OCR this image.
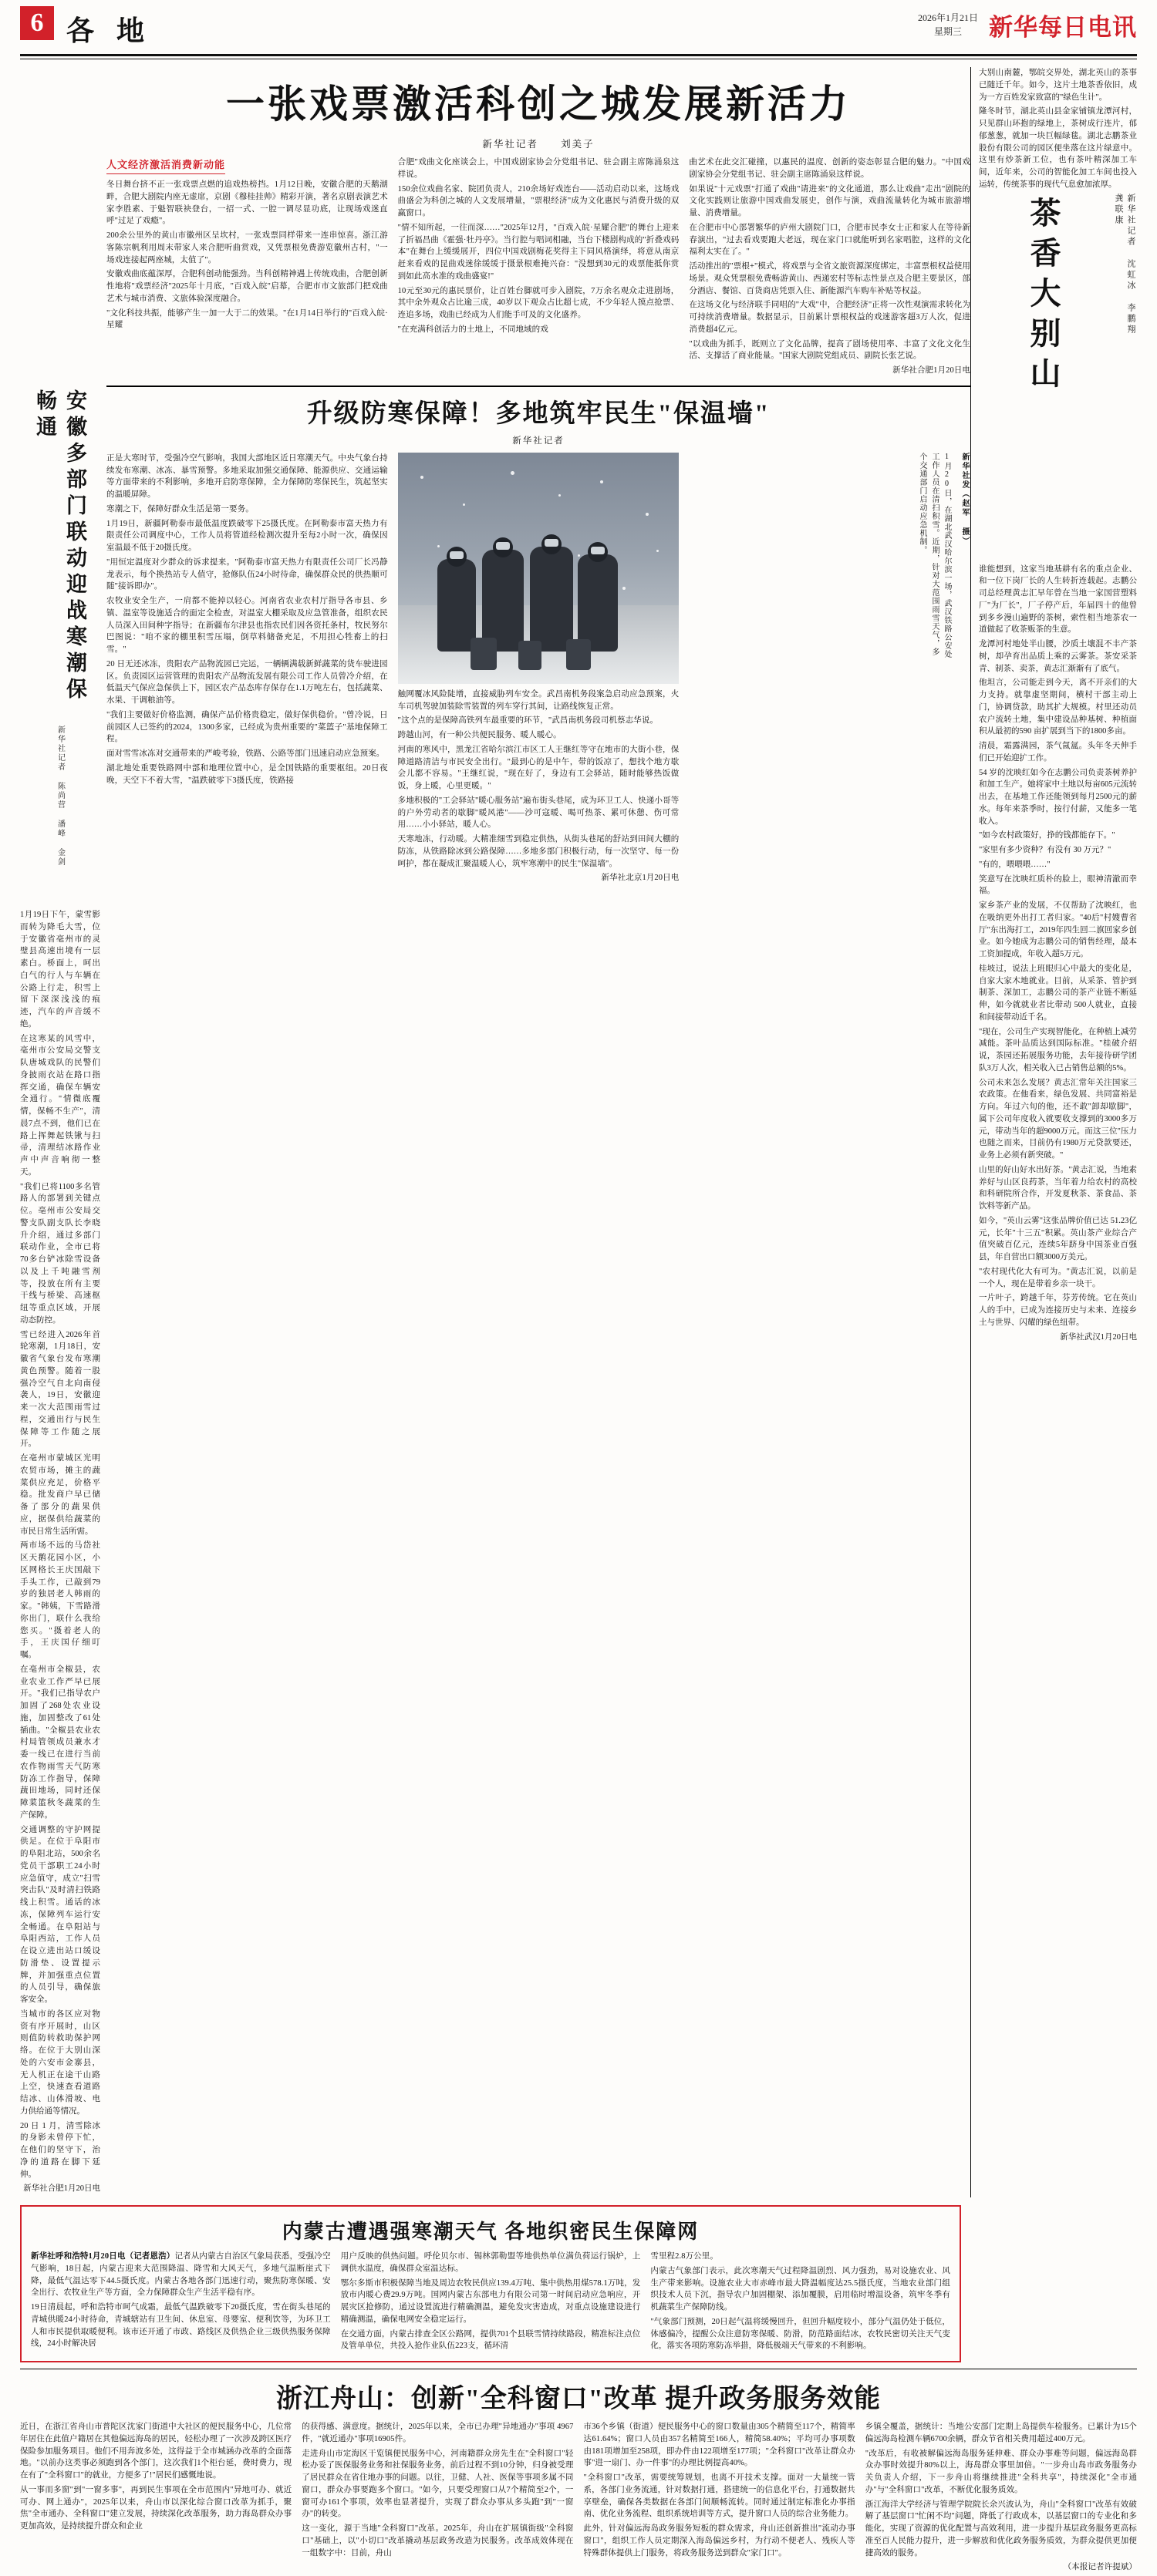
6 各 地	2026年1月21日
星期三	新华每日电讯
安徽多部门联动迎战寒潮保畅通
新华社记者 陈尚营 潘峰 金剑

1月19日下午，蒙雪影而转为降毛大雪，位于安徽省亳州市的灵璧县高速出境有一层素白。桥面上，呵出白气的行人与车辆在公路上行走，积雪上留下深深浅浅的痕迹，汽车的声音缓不绝。

在这寒某的风雪中，亳州市公安局交警支队唐城戏队的民警们身披雨衣站在路口指挥交通，确保车辆安全通行。"情微底覆情，保畅不生产"，清晨7点不到，他们已在路上挥舞起铁锹与扫帚，清理结冰路作业声中声音响彻一整天。

"我们已将1100多名管路人的部署到关键点位。亳州市公安局交警支队副支队长李晓升介绍，通过多部门联动作业，全市已将70多台铲冰除雪设备以及上千吨融雪剂等，投放在所有主要干线与桥梁、高速枢纽等重点区域，开展动态防控。

雪已经进入2026年首轮寒潮，1月18日，安徽省气象台发布寒潮黄色预警。随着一股强冷空气自北向南侵袭人，19日，安徽迎来一次大范围雨雪过程，交通出行与民生保障等工作随之展开。

在亳州市蒙城区光明农贸市场，摊主的蔬菜供应充足，价格平稳。批发商户早已储备了部分的蔬果供应，据保供给蔬菜的市民日常生活所需。

两市场不远的马岱社区天鹅花园小区，小区网格长王庆国敲下手头工作，已敲到79岁的独居老人韩雨的家。"韩姨，下雪路滑你出门，联什么我给您买。"摄着老人的手，王庆国仔细叮嘱。

在亳州市全椒县，农业农业工作严早已展开。"我们已指导农户加固了268处农业设施，加固整改了61处插曲。"全椒县农业农村局管领成员兼水才委一线已在进行当前农作物雨雪天气防寒防冻工作指导，保障蔬田地场，同时还保障菜篮秋冬蔬菜的生产保障。

交通调整的守护网提供足。在位于阜阳市的阜阳北站，500余名党员干部职工24小时应急值守，成立"扫雪突击队"及时清扫铁路线上积雪。通话的冰冻，保障列车运行安全畅通。在阜阳站与阜阳西站，工作人员在设立进出站口缓设防滑垫、设置提示牌，并加强重点位置的人员引导，确保旅客安全。

当城市的各区应对物资有序开展时，山区则值防转救助保护网络。在位于大别山深处的六安市金寨县，无人机正在途干山路上空，快速查看道路结冰、山体滑坡、电力供给通等情况。

20 日 1 月，清雪除冰的身影未曾停下忙，在他们的坚守下，治净的道路在脚下延伸。

新华社合肥1月20日电

一张戏票激活科创之城发展新活力
新华社记者 刘美子
人文经济激活消费新动能

冬日舞台挤不正一张戏票点燃的追戏热榜挡。1月12日晚，安徽合肥的天鹅湖畔，合肥大剧院内座无虚席，京剧《穆桂挂帅》精彩开演，著名京剧表演艺术家李胜素、于魁智联袂登台，一招一式、一腔一调尽显功底，让现场戏迷直呼"过足了戏瘾"。

200余公里外的黄山市徽州区呈坎村，一张戏票同样带来一连串惊喜。浙江游客陈宗帆利用周末带家人来合肥听曲赏戏，又凭票根免费游览徽州古村，"一场戏连接起两座城，太值了"。

安徽戏曲底蕴深厚，合肥科创动能强劲。当科创精神遇上传统戏曲，合肥创新性地将"戏票经济"2025年十月底，"百戏入皖"启幕，合肥市市文旅部门把戏曲艺术与城市消费、文旅体验深度融合。

"文化科技共振，能够产生一加一大于二的效果。"在1月14日举行的"百戏入皖·星耀

合肥"戏曲文化座谈会上，中国戏剧家协会分党组书记、驻会副主席陈涌泉这样说。

150余位戏曲名家、院团负责人，210余场好戏连台——活动启动以来，这场戏曲盛会为科创之城的人文发展增量，"票根经济"成为文化惠民与消费升级的双赢窗口。

"情不知所起，一往而深……"2025年12月，"百戏入皖·星耀合肥"的舞台上迎来了折福昌曲《霍强·牡丹亭》。当行腔与唱词相融，当台下楼剧构成的"折叠戏码本"在舞台上缓缓展开，四位中国戏剧梅花奖得主下同风格演绎，将意从南京赶来看戏的昆曲戏迷徐缓缓于摄景根难掩兴奋："没想到30元的戏票能抵你赏到如此高水准的戏曲盛宴!"

10元至30元的惠民票价，让百姓台脚就可步入剧院，7万余名观众走进剧场，其中余外观众占比逾三成，40岁以下观众占比超七成，不少年轻人摸点抢票、连追多场，戏曲已经成为人们能手可及的文化盛养。

"在充满科创活力的土地上，不同地域的戏

曲艺术在此交汇碰撞，以惠民的温度、创新的姿态彰显合肥的魅力。"中国戏剧家协会分党组书记、驻会副主席陈涌泉这样说。

如果说"十元戏票"打通了戏曲"请进来"的文化通道，那么让戏曲"走出"剧院的文化实践则让旅游中国戏曲发展史，创作与演，戏曲流量转化为城市旅游增量、消费增量。

在合肥市中心部署繁华的庐州大剧院门口，合肥市民李女士正和家人在等待新春演出，"过去看戏要跑大老远，现在家门口就能听到名家唱腔，这样的文化福利太实在了。"

活动推出的"票根+"模式，将戏票与全省文旅资源深度绑定，丰富票根权益使用场景。观众凭票根免费畅游黄山、西递宏村等标志性景点及合肥主要景区，部分酒店、餐馆、百货商店凭票入住、新能源汽车购车补贴等权益。

在这场文化与经济联手同唱的"大戏"中，合肥经济"正将一次性观演需求转化为可持续消费增量。数据显示，目前累计票根权益的戏迷游客超3万人次，促进消费超4亿元。

"以戏曲为抓手，既则立了文化品牌，提高了剧场使用率、丰富了文化文化生活、支撑活了商业能量。"国家大剧院党组成员、副院长张艺说。

新华社合肥1月20日电

升级防寒保障！多地筑牢民生"保温墙"
新华社记者

正是大寒时节，受强冷空气影响，我国大部地区近日寒潮天气。中央气象台持续发布寒潮、冰冻、暴雪预警。多地采取加强交通保障、能源供应、交通运输等方面带来的不利影响，多地开启防寒保障，全力保障防寒保民生，筑起坚实的温暖屏障。

寒潮之下，保障好群众生活是第一要务。

1月19日，新疆阿勒泰市最低温度跌破零下25摄氏度。在阿勒泰市富天热力有限责任公司调度中心，工作人员将管道经检测次提升至每2小时一次，确保因室温最不低于20摄氏度。

"用恒定温度对少群众的诉求提来。"阿勒泰市富天热力有限责任公司厂长冯静龙表示，每个换热站专人值守，抢修队伍24小时待命，确保群众民的供热顺可随"接诉即办"。

农牧业安全生产，一肩都不能掉以轻心。河南省农业农村厅指导各市县、乡镇、温室等设施适合的面定全检查，对温室大棚采取及应急管准备，组织农民人员深入田间种字指导；在新疆布尔津县也指农民们因各资托条村，牧民努尔巴图说："咱不家的棚里积雪压塌，倒草料储备充足，不用担心牲畜上的扫雪。"

20 日无还冰冻，贵阳农产品物流园已完运，一辆辆满载新鲜蔬菜的货车驶进园区。负责园区运营管理的贵阳农产品物流发展有限公司工作人员曾冷介绍，在低温天气保应急保供上下，园区农产品态库存保存在1.1万吨左右，包括蔬菜、水果、干调粮油等。

"我们主要做好价格监测，确保产品价格贵稳定，做好保供稳价。"曾冷说，日前园区人已签约的2024，1300多家，已经成为贵州重要的"菜篮子"基地保障工程。

面对雪雪冰冻对交通带来的严峻考验，铁路、公路等部门迅速启动应急预案。

湖北地处重要铁路网中部和地理位置中心，是全国铁路的重要枢纽。20日夜晚，天空下不着大雪，"温跌破零下3摄氏度，铁路接

触网覆冰风险陡增，直接威胁列车安全。武昌南机务段案急启动应急预案，火车司机驾驶加装除雪装置的列车穿行其间，让路线恢复正常。

"这个点的是保障高铁列车最重要的环节，"武昌南机务段司机蔡志华说。

跨越山河，有一种公共便民服务、暖人暖心。

河南的寒风中，黑龙江省哈尔滨江市区工人王继红等守在地市的大街小巷，保障道路清洁与市民安全出行。"最到心的是中午，带的饭凉了，想找个地方歇会儿都不容易。"王继红说，"现在好了，身边有工会驿站，随时能够热饭做饭，身上暖，心里更暖。"

多地积极的"工会驿站"暖心服务站"遍布街头巷尾，成为环卫工人、快递小哥等的户外劳动者的歇脚"暖风港"——沙可寇暖、喝可热茶、累可休憩、伤可常用……小小驿站，暖人心。

天寒地冻，行动暖。大精准细雪到稳定供热，从街头巷尾的舒站到田间大棚的防冻，从铁路除冰到公路保障……多地多部门积极行动，每一次坚守、每一份呵护，都在凝成汇聚温暖人心，筑牢寒潮中的民生"保温墙"。

新华社北京1月20日电

1月20日，在湖北武汉哈尔滨一场，武汉铁路公安处工作人员在清扫积雪。近期，针对大范围雨雪天气，多个交通部门启动应急机制。	新华社发（赵军 摄）

大别山南麓，鄂皖交界处，湖北英山的茶事已随迁千年。如今，这片土地茶香依旧，成为一方百姓发家致富的"绿色生计"。

隆冬时节，湖北英山县金家铺镇龙潭河村，只见群山环抱的绿地上，茶树成行连片，郁郁葱葱，就加一块巨幅绿毯。湖北志鹏茶业股份有限公司的园区便坐落在这片绿意中。这里有炒茶新工位，也有茶叶精深加工车间，近年来，公司的智能化加工车间也投入运转，传统茶事的现代气息愈加浓厚。

茶香大别山	新华社记者 沈虹冰 李鹏翔 龚联康

谁能想到，这家当地基耕有名的重点企业、和一位下岗厂长的人生转折连载起。志鹏公司总经理黄志汇早年曾在当地一家国营塑料厂"为厂长"，厂子停产后，年届四十的他曾到多乡漫山遍野的茶树，索性相当地茶农一道做起了收茶贩茶的生意。

龙潭河村地处半山腰，沙质土壤混不丰产茶树，却孕育出品质上乘的云雾茶。茶安采茶青、制茶、卖茶，黄志汇渐渐有了底气。

他坦言，公司能走到今天，离不开亲们的大力支持。就靠虚坚期间，横村干部主动上门，协调贷款，助其扩大规模。村里还动员农户流转土地，集中建设品种基树、种植面积从最初的590 亩扩展到当下的1800多亩。

清晨，霜露满园，茶气氤氲。头年冬天伸手们已开始迎扩工作。

54 岁的沈映红如今在志鹏公司负责茶树养护和加工生产。她将家中土地以每亩605元流转出去，在基地工作还能领到每月2500元的薪水。每年来茶季时，按行付薪，又能多一笔收入。

"如今农村政策好，挣的钱都能存下。"

"家里有多少资种？有没有 30 万元？"

"有的，喂喂喂……"

笑意写在沈映红质朴的脸上，眼神清澈而幸福。

家乡茶产业的发展，不仅帮助了沈映红，也在吸纳更外出打工者归家。"40后"村嫂曹省厅"东出海打工，2019年四生回二旗回家乡创业。如今她成为志鹏公司的销售经理，最本工资加提成，年收入超5万元。

桂坡过，说法上班眼归心中最大的变化是，自家大家木地就业。目前，从采茶、管护到制茶、深加工，志鹏公司的茶产业链不断延伸，如今就就业者比带动 500人就业，直接和间接带动近千名。

"现在，公司生产实现智能化，在种植上减劳减能。茶叶品质达到国际标准。"桂破介绍说，茶园还拓展服务功能，去年接待研学团队3万人次，相关收入已占销售总额的5%。

公司未来怎么发展？黄志汇常年关注国家三农政策。在他看来，绿色发展、共同富裕是方向。年过六旬的他，还不敢"卸却歇脚"，属下公司年度收入就要收支撑到的3000多万元，带动当年的超9000万元。而这三位"压力也随之而来，目前仍有1980万元贷款要还，业务上必须有新突破。"

山里的好山好水出好茶。"黄志汇说，当地素养好与山区良药茶，当年着力给农村的高校和科研院所合作，开发夏秋茶、茶食品、茶饮料等新产品。

如今，"英山云雾"这张品牌价值已达 51.23亿元，长年"十三五"积累。英山茶产业综合产值突破百亿元，连续5年跻身中国茶业百强县，年自营出口额3000万美元。

"农村现代化大有可为。"黄志汇说，以前是一个人，现在是带着乡亲一块干。

一片叶子，跨越千年，芬芳传统。它在英山人的手中，已成为连接历史与未来、连接乡土与世界、闪耀的绿色纽带。

新华社武汉1月20日电

内蒙古遭遇强寒潮天气 各地织密民生保障网

新华社呼和浩特1月20日电（记者恩浩）记者从内蒙古自治区气象局获悉，受强冷空气影响，18日起，内蒙古迎来大范围降温、降雪和大风天气，多地气温断崖式下降，最低气温达零下44.5摄氏度。内蒙古各地各部门迅速行动，聚焦防寒保暖、安全出行、农牧业生产等方面，全力保障群众生产生活平稳有序。

19日清晨起，呼和浩特市呵气成霜，最低气温跌破零下20摄氏度，雪在街头巷尾的青城供暖24小时待命，青城辖站有卫生间、休息室、母婴室、便利饮等，为环卫工人和市民提供取暖便利。该市还开通了市政、路线区及供热企业三级供热服务保障线，24小时解决居

用户反映的供热问题。呼伦贝尔市、锡林郭勒盟等地供热单位满负荷运行锅炉，上调供水温度，确保群众室温达标。

鄂尔多斯市积极保障当地及周边农牧民供应139.4万吨、集中供热用煤578.1万吨，发放市内暖心费29.9万吨。国网内蒙古东部电力有限公司第一时间启动应急响应，开展灾区抢修防，通过设置流进行精确测温，避免发灾害造成，对重点设施建设进行精确测温，确保电网安全稳定运行。

在交通方面，内蒙古排查全区公路网，提供701个县联雪情持续路段，精准标注点位及管单单位，共投入抢作业队伍223支，循环清

雪里程2.8万公里。

内蒙古气象部门表示，此次寒潮天气过程降温剧烈、风力强劲，易对设施农业、风生产带来影响。设施农业大市赤峰市最大降温幅度达25.5摄氏度，当地农业部门组织技术人员下沉，指导农户加固棚架、添加覆膜，启用临时增温设备，筑牢冬季有机蔬菜生产保障防线。

"气象部门预测，20日起气温将缓慢回升，但回升幅度较小，部分气温仍处于低位，体感偏冷，提醒公众注意防寒保暖、防滑，防范路面结冰，农牧民密切关注天气变化，落实各项防寒防冻举措，降低极端天气带来的不利影响。

浙江舟山：创新"全科窗口"改革 提升政务服务效能

近日，在浙江省舟山市普陀区沈家门街道中大社区的便民服务中心，几位常年居住在此值户籍居在其他偏远海岛的居民，轻松办理了一次涉及跨区医疗保险参加服务项目。他们不用奔波多处，这得益于全市城涵办改革的全面落地。"以前办这类事必须跑到各个部门，这次我们1个柜台延，费时费力，现在有了"全科窗口"的就业，方便多了!"居民们感慨地说。

从一事而多窗"到"一窗多事"，再到民生事项在全市范围内"异地可办、就近可办、网上通办"，2025年以来，舟山市以深化综合窗口改革为抓手，聚焦"全市通办、全科窗口"建立发展，持续深化改革服务，助力海岛群众办事更加高效，是持续提升群众和企业

的获得感、满意度。据统计，2025年以来，全市已办理"异地通办"事项 4967 件，"就近通办"事项16905件。

走进舟山市定海区干览镇便民服务中心，河南籍群众房先生在"全科窗口"轻松办妥了医保服务业务和社保服务业务，前后过程不到10分钟，归身被受理了居民群众在省住地办事的问题。以往，卫健、人社、医保等事项多属不同窗口，群众办事要跑多个窗口。"如今，只要受理窗口从7个精简至2个，一窗可办161个事项，效率也显著提升，实现了群众办事从多头跑"到"一窗办"的转变。

这一变化，源于当地"全科窗口"改革。2025年，舟山在扩展镇街级"全科窗口"基础上，以"小切口"改革撬动基层政务改造为民服务。改革成效体现在一组数字中：目前，舟山

市36个乡镇（街道）便民服务中心的窗口数量由305个精简至117个，精简率达61.64%；窗口人员由357名精简至166人，精简58.40%；平均可办事项数由181项增加至258项，即办件由122项增至177项；"全科窗口"改革让群众办事"进一扇门、办一件事"的办理比例提高40%。

"全科窗口"改革，需要统筹规划，也离不开技术支撑。面对一大量统一管系，各部门业务流通，针对数据打通，搭建统一的信息化平台，打通数据共享壁垒，确保各类数据在各部门间顺畅流转。同时通过制定标准化办事指南、优化业务流程、组织系统培训等方式，提升窗口人员的综合业务能力。

此外，针对偏远海岛政务服务短板的群众需求，舟山还创新推出"流动办事窗口"，组织工作人员定期深入海岛偏远乡村，为行动不便老人、残疾人等特殊群体提供上门服务，将政务服务送到群众"家门口"。

乡镇全覆盖，据统计：当地公安部门定期上岛提供车检服务。已累计为15个偏远海岛检测车辆6700余辆，群众节省相关费用超过400万元。

"改革后，有收被解偏远海岛服务延伸难、群众办事难等问题，偏远海岛群众办事时效提升80%以上，海岛群众事里加倍。"一步舟山岛市政务服务办关负责人介绍，下一步舟山将继续推进"全科共享"，持续深化"全市通办"与"全科窗口"改革，不断优化服务质效。

浙江海洋大学经济与管理学院院长余兴波认为，舟山"全科窗口"改革有效破解了基层窗口"忙闲不均"问题，降低了行政成本，以基层窗口的专业化和多能化，实现了资源的优化配置与高效利用，进一步提升基层政务服务更高标准至百人民能力提升，进一步解放和优化政务服务质效，为群众提供更加便捷高效的服务。

（本报记者许提斌）
